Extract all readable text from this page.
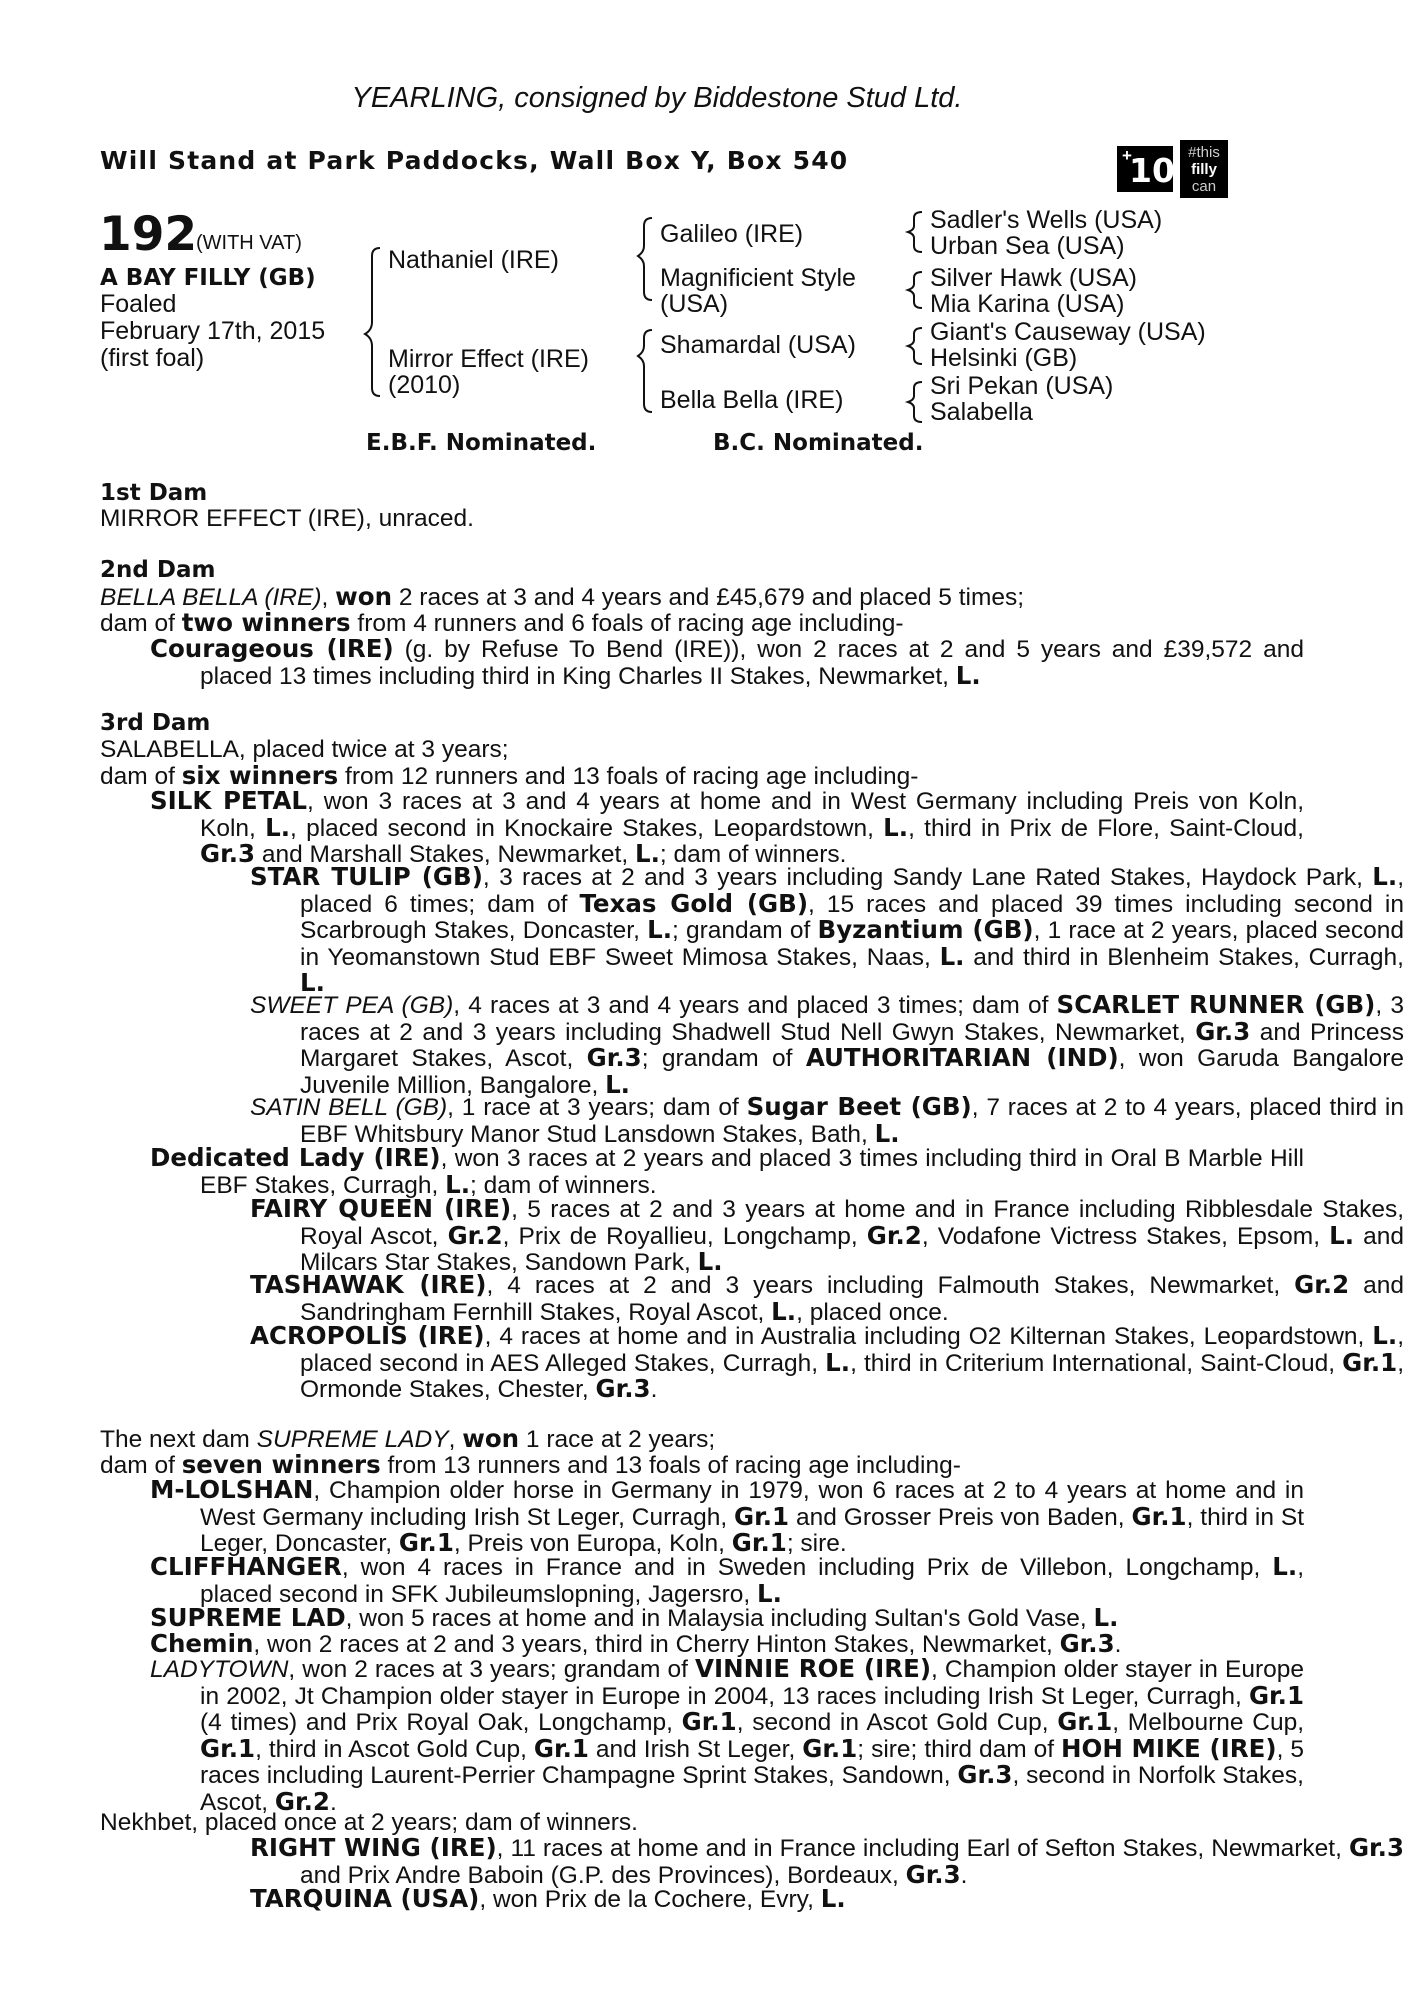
YEARLING, consigned by Biddestone Stud Ltd.
Will Stand at Park Paddocks, Wall Box Y, Box 540	+
10 #this
filly
can
192
(WITH VAT)
A BAY FILLY (GB)
Foaled
February 17th, 2015
(first foal)
Nathaniel (IRE)
Mirror Effect (IRE)
(2010)
Galileo (IRE)
Magnificient Style
(USA)
Shamardal (USA)
Bella Bella (IRE)
Sadler's Wells (USA)
Urban Sea (USA)
Silver Hawk (USA)
Mia Karina (USA)
Giant's Causeway (USA)
Helsinki (GB)
Sri Pekan (USA)
Salabella
E.B.F. Nominated.	B.C. Nominated.
1st Dam
MIRROR EFFECT (IRE), unraced.
2nd Dam

BELLA BELLA (IRE), won 2 races at 3 and 4 years and £45,679 and placed 5 times;

dam of two winners from 4 runners and 6 foals of racing age including-

Courageous (IRE) (g. by Refuse To Bend (IRE)), won 2 races at 2 and 5 years and £39,572 and placed 13 times including third in King Charles II Stakes, Newmarket, L.

3rd Dam

SALABELLA, placed twice at 3 years;

dam of six winners from 12 runners and 13 foals of racing age including-

SILK PETAL, won 3 races at 3 and 4 years at home and in West Germany including Preis von Koln, Koln, L., placed second in Knockaire Stakes, Leopardstown, L., third in Prix de Flore, Saint-Cloud, Gr.3 and Marshall Stakes, Newmarket, L.; dam of winners.

STAR TULIP (GB), 3 races at 2 and 3 years including Sandy Lane Rated Stakes, Haydock Park, L., placed 6 times; dam of Texas Gold (GB), 15 races and placed 39 times including second in Scarbrough Stakes, Doncaster, L.; grandam of Byzantium (GB), 1 race at 2 years, placed second in Yeomanstown Stud EBF Sweet Mimosa Stakes, Naas, L. and third in Blenheim Stakes, Curragh, L.

SWEET PEA (GB), 4 races at 3 and 4 years and placed 3 times; dam of SCARLET RUNNER (GB), 3 races at 2 and 3 years including Shadwell Stud Nell Gwyn Stakes, Newmarket, Gr.3 and Princess Margaret Stakes, Ascot, Gr.3; grandam of AUTHORITARIAN (IND), won Garuda Bangalore Juvenile Million, Bangalore, L.

SATIN BELL (GB), 1 race at 3 years; dam of Sugar Beet (GB), 7 races at 2 to 4 years, placed third in EBF Whitsbury Manor Stud Lansdown Stakes, Bath, L.

Dedicated Lady (IRE), won 3 races at 2 years and placed 3 times including third in Oral B Marble Hill EBF Stakes, Curragh, L.; dam of winners.

FAIRY QUEEN (IRE), 5 races at 2 and 3 years at home and in France including Ribblesdale Stakes, Royal Ascot, Gr.2, Prix de Royallieu, Longchamp, Gr.2, Vodafone Victress Stakes, Epsom, L. and Milcars Star Stakes, Sandown Park, L.

TASHAWAK (IRE), 4 races at 2 and 3 years including Falmouth Stakes, Newmarket, Gr.2 and Sandringham Fernhill Stakes, Royal Ascot, L., placed once.

ACROPOLIS (IRE), 4 races at home and in Australia including O2 Kilternan Stakes, Leopardstown, L., placed second in AES Alleged Stakes, Curragh, L., third in Criterium International, Saint-Cloud, Gr.1, Ormonde Stakes, Chester, Gr.3.

The next dam SUPREME LADY, won 1 race at 2 years;

dam of seven winners from 13 runners and 13 foals of racing age including-

M-LOLSHAN, Champion older horse in Germany in 1979, won 6 races at 2 to 4 years at home and in West Germany including Irish St Leger, Curragh, Gr.1 and Grosser Preis von Baden, Gr.1, third in St Leger, Doncaster, Gr.1, Preis von Europa, Koln, Gr.1; sire.

CLIFFHANGER, won 4 races in France and in Sweden including Prix de Villebon, Longchamp, L., placed second in SFK Jubileumslopning, Jagersro, L.

SUPREME LAD, won 5 races at home and in Malaysia including Sultan's Gold Vase, L.

Chemin, won 2 races at 2 and 3 years, third in Cherry Hinton Stakes, Newmarket, Gr.3.

LADYTOWN, won 2 races at 3 years; grandam of VINNIE ROE (IRE), Champion older stayer in Europe in 2002, Jt Champion older stayer in Europe in 2004, 13 races including Irish St Leger, Curragh, Gr.1 (4 times) and Prix Royal Oak, Longchamp, Gr.1, second in Ascot Gold Cup, Gr.1, Melbourne Cup, Gr.1, third in Ascot Gold Cup, Gr.1 and Irish St Leger, Gr.1; sire; third dam of HOH MIKE (IRE), 5 races including Laurent-Perrier Champagne Sprint Stakes, Sandown, Gr.3, second in Norfolk Stakes, Ascot, Gr.2.

Nekhbet, placed once at 2 years; dam of winners.

RIGHT WING (IRE), 11 races at home and in France including Earl of Sefton Stakes, Newmarket, Gr.3 and Prix Andre Baboin (G.P. des Provinces), Bordeaux, Gr.3.

TARQUINA (USA), won Prix de la Cochere, Evry, L.
